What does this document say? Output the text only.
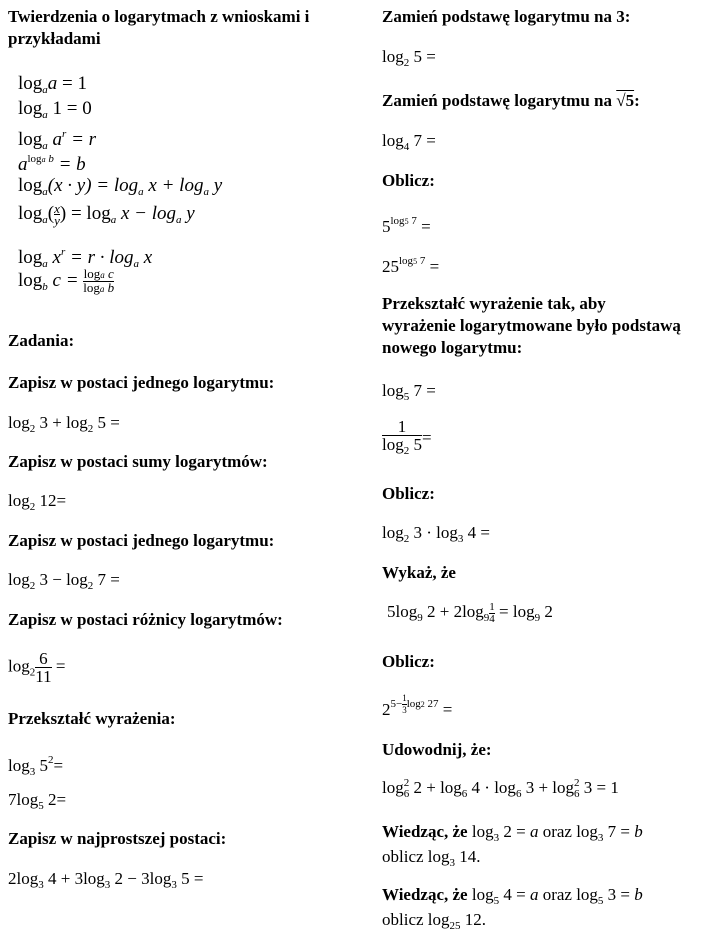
Twierdzenia o logarytmach z wnioskami i przykładami

$\log_aa = 1$

$\log_a 1 = 0$

$\log_a a^r = r$

$a^{loga b} = b$

$\log_a(x \cdot y) = \log_a x + \log_a y$

$\log_a( \frac{x}{y}$ ) = $\log_a x - \log_a y$

$\log_a x^r = r \cdot \log_a x$

$\log_b c = \frac{\text{loga c}}{\text{loga b}}$

Zadania:

Zapisz w postaci jednego logarytmu:

$\log_2 3 + \log_2 5$ =

Zapisz w postaci sumy logarytmów:

$\log_2 12=$

Zapisz w postaci jednego logarytmu:

$\log_2 3 - \log_2 7$ =

Zapisz w postaci różnicy logarytmów:

$\log_2 \frac{6}{11}$ =

Przekształć wyrażenia:

$\log_3 5^2=$

$7\log_5$ 2=

Zapisz w najprostszej postaci:

$2\log_3$ $4 + 3\log_3$ $2 - 3\log_3$ 5 =

Zamień podstawę logarytmu na 3:

$\log_2 5$ =

Zamień podstawę logarytmu na √5:

$\log_4 7$ =

Oblicz:

$5^{log5 7}$ =

$25^{log5 7}$ =

Przekształć wyrażenie tak, aby wyrażenie logarytmowane było podstawą nowego logarytmu:

$\log_5 7$ =

$\frac{1}{\log_2 5}$ =

Oblicz:

$\log_2 3 \cdot \log_3 4$ =

Wykaż, że

$5\log_9$ $2 + 2\log_9 \frac{1}{4} = \log_9 2$

Oblicz:

$2^{5- \frac{1}{3} log2 27}$ =

Udowodnij, że:

log 2
6 $2 + \log_6 4 \cdot \log_6 3 + \log 2$
6 3 = 1

Wiedząc, że $\log_3 2 = a$ oraz $\log_3 7 = b$

oblicz $\log_3 14$.

Wiedząc, że $\log_5 4 = a$ oraz $\log_5 3 = b$

oblicz $\log_{25} 12$.
